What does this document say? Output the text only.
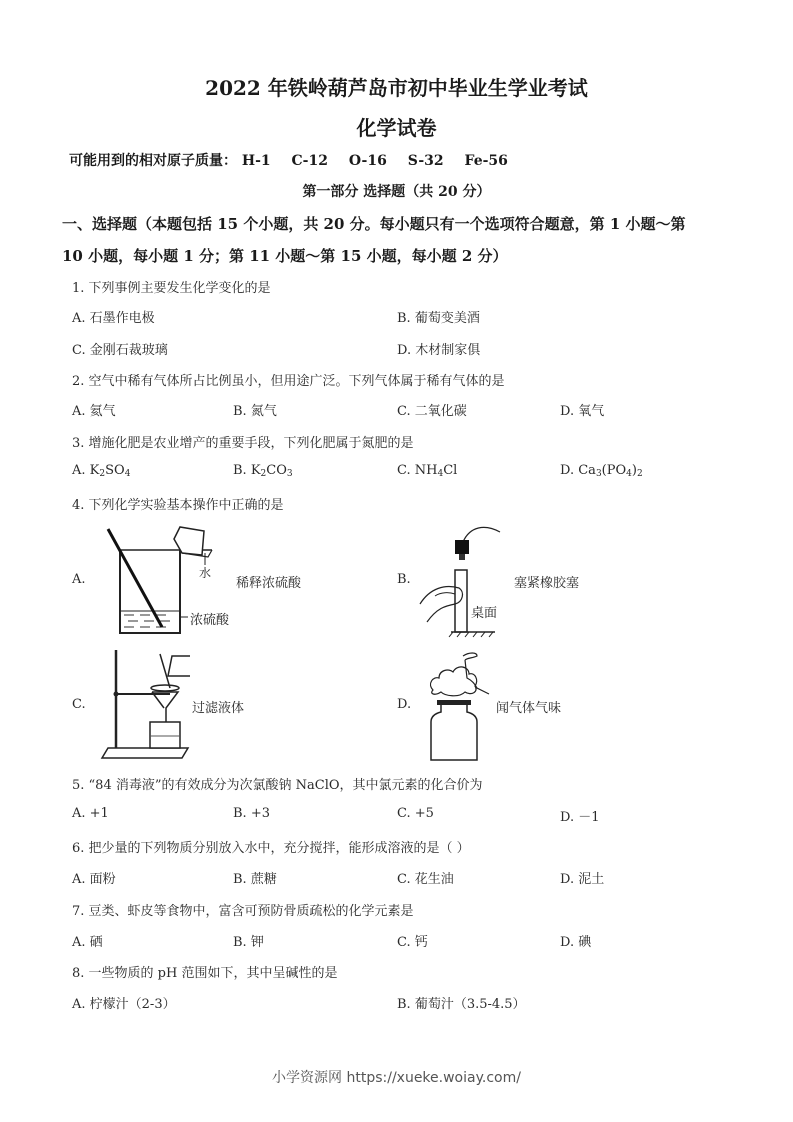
2022 年铁岭葫芦岛市初中毕业生学业考试
化学试卷
可能用到的相对原子质量： H-1 C-12 O-16 S-32 Fe-56
第一部分 选择题（共 20 分）
一、选择题（本题包括 15 个小题，共 20 分。每小题只有一个选项符合题意，第 1 小题～第
10 小题，每小题 1 分；第 11 小题～第 15 小题，每小题 2 分）
1. 下列事例主要发生化学变化的是
A. 石墨作电极	B. 葡萄变美酒
C. 金刚石裁玻璃	D. 木材制家俱
2. 空气中稀有气体所占比例虽小，但用途广泛。下列气体属于稀有气体的是
A. 氦气	B. 氮气	C. 二氧化碳	D. 氧气
3. 增施化肥是农业增产的重要手段，下列化肥属于氮肥的是
A. $K_2SO_4$	B. $K_2CO_3$	C. $NH_4Cl$	D. $Ca_3(PO_4)_2$
4. 下列化学实验基本操作中正确的是
A.	水
浓硫酸
稀释浓硫酸	B.
桌面
塞紧橡胶塞
C.	过滤液体	D.	闻气体气味
5. “84 消毒液”的有效成分为次氯酸钠 NaClO，其中氯元素的化合价为
A. +1	B. +3	C. +5	D. －1
6. 把少量的下列物质分别放入水中，充分搅拌，能形成溶液的是（ ）
A. 面粉	B. 蔗糖	C. 花生油	D. 泥土
7. 豆类、虾皮等食物中，富含可预防骨质疏松的化学元素是
A. 硒	B. 钾	C. 钙	D. 碘
8. 一些物质的 pH 范围如下，其中呈碱性的是
A. 柠檬汁（2-3）	B. 葡萄汁（3.5-4.5）
小学资源网 https://xueke.woiay.com/
